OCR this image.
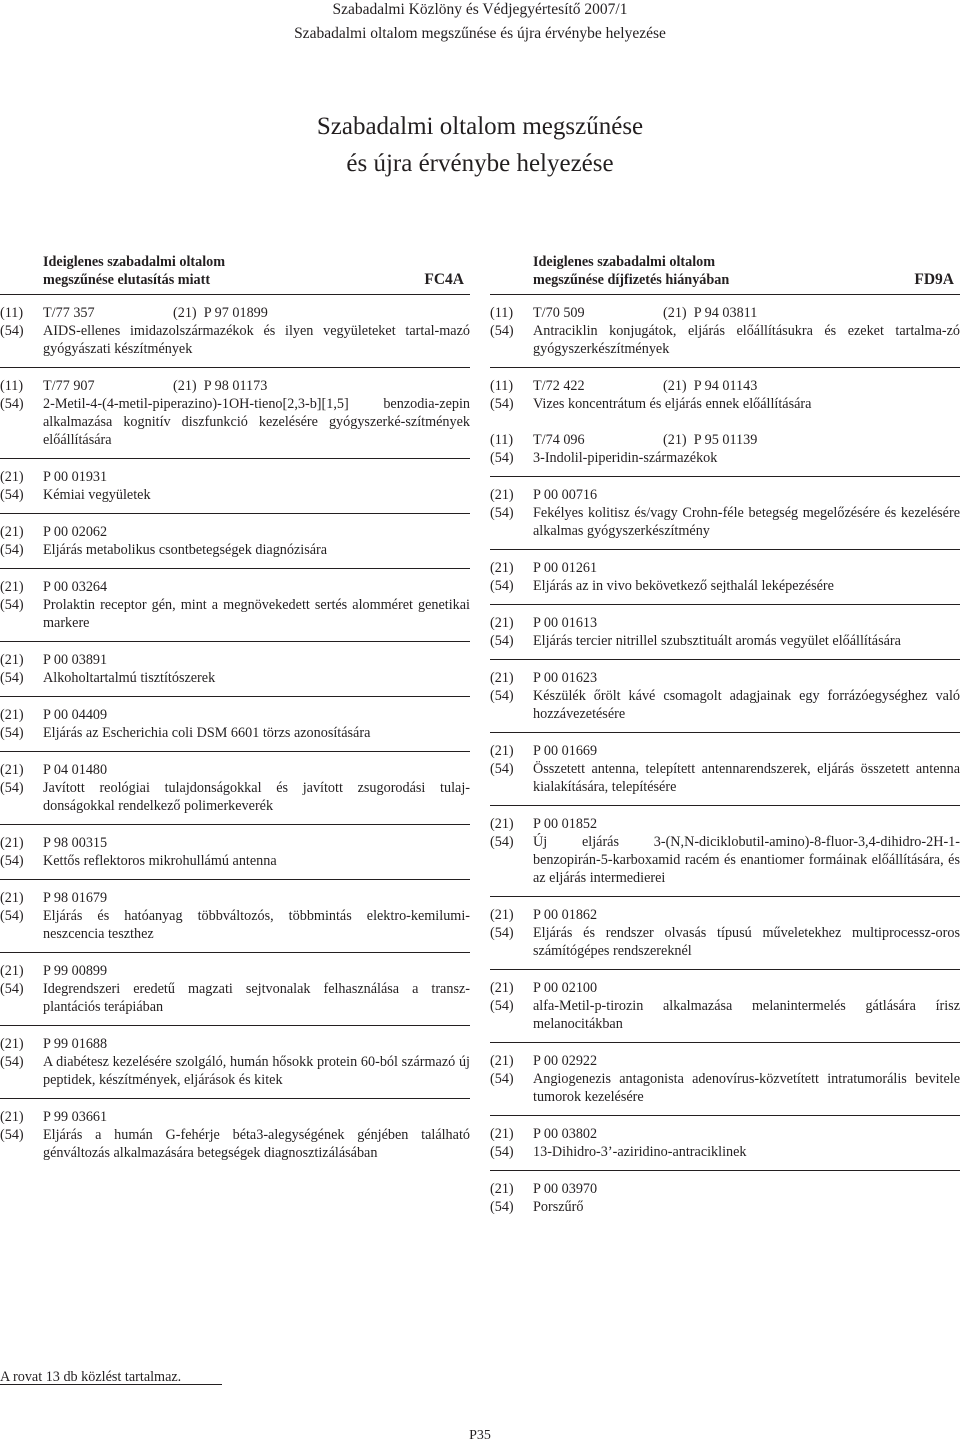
Szabadalmi Közlöny és Védjegyértesítő 2007/1
Szabadalmi oltalom megszűnése és újra érvénybe helyezése
Szabadalmi oltalom megszűnése
és újra érvénybe helyezése
Ideiglenes szabadalmi oltalom
megszűnése elutasítás miatt	FC4A
(11)	T/77 357	(21)  P 97 01899
(54)	AIDS-ellenes imidazolszármazékok és ilyen vegyületeket tartal-mazó gyógyászati készítmények
(11)	T/77 907	(21)  P 98 01173
(54)	2-Metil-4-(4-metil-piperazino)-1OH-tieno[2,3-b][1,5] benzodia-zepin alkalmazása kognitív diszfunkció kezelésére gyógyszerké-szítmények előállítására
(21)	P 00 01931
(54)	Kémiai vegyületek
(21)	P 00 02062
(54)	Eljárás metabolikus csontbetegségek diagnózisára
(21)	P 00 03264
(54)	Prolaktin receptor gén, mint a megnövekedett sertés alomméret genetikai markere
(21)	P 00 03891
(54)	Alkoholtartalmú tisztítószerek
(21)	P 00 04409
(54)	Eljárás az Escherichia coli DSM 6601 törzs azonosítására
(21)	P 04 01480
(54)	Javított reológiai tulajdonságokkal és javított zsugorodási tulaj-donságokkal rendelkező polimerkeverék
(21)	P 98 00315
(54)	Kettős reflektoros mikrohullámú antenna
(21)	P 98 01679
(54)	Eljárás és hatóanyag többváltozós, többmintás elektro-kemilumi-neszcencia teszthez
(21)	P 99 00899
(54)	Idegrendszeri eredetű magzati sejtvonalak felhasználása a transz-plantációs terápiában
(21)	P 99 01688
(54)	A diabétesz kezelésére szolgáló, humán hősokk protein 60-ból származó új peptidek, készítmények, eljárások és kitek
(21)	P 99 03661
(54)	Eljárás a humán G-fehérje béta3-alegységének génjében található génváltozás alkalmazására betegségek diagnosztizálásában
Ideiglenes szabadalmi oltalom
megszűnése díjfizetés hiányában	FD9A
(11)	T/70 509	(21)  P 94 03811
(54)	Antraciklin konjugátok, eljárás előállításukra és ezeket tartalma-zó gyógyszerkészítmények
(11)	T/72 422	(21)  P 94 01143
(54)	Vizes koncentrátum és eljárás ennek előállítására
(11)	T/74 096	(21)  P 95 01139
(54)	3-Indolil-piperidin-származékok
(21)	P 00 00716
(54)	Fekélyes kolitisz és/vagy Crohn-féle betegség megelőzésére és kezelésére alkalmas gyógyszerkészítmény
(21)	P 00 01261
(54)	Eljárás az in vivo bekövetkező sejthalál leképezésére
(21)	P 00 01613
(54)	Eljárás tercier nitrillel szubsztituált aromás vegyület előállítására
(21)	P 00 01623
(54)	Készülék őrölt kávé csomagolt adagjainak egy forrázóegységhez való hozzávezetésére
(21)	P 00 01669
(54)	Összetett antenna, telepített antennarendszerek, eljárás összetett antenna kialakítására, telepítésére
(21)	P 00 01852
(54)	Új eljárás 3-(N,N-diciklobutil-amino)-8-fluor-3,4-dihidro-2H-1-benzopirán-5-karboxamid racém és enantiomer formáinak előállítására, és az eljárás intermedierei
(21)	P 00 01862
(54)	Eljárás és rendszer olvasás típusú műveletekhez multiprocessz-oros számítógépes rendszereknél
(21)	P 00 02100
(54)	alfa-Metil-p-tirozin alkalmazása melanintermelés gátlására írisz melanocitákban
(21)	P 00 02922
(54)	Angiogenezis antagonista adenovírus-közvetített intratumorális bevitele tumorok kezelésére
(21)	P 00 03802
(54)	13-Dihidro-3’-aziridino-antraciklinek
(21)	P 00 03970
(54)	Porszűrő
A rovat 13 db közlést tartalmaz.
P35
